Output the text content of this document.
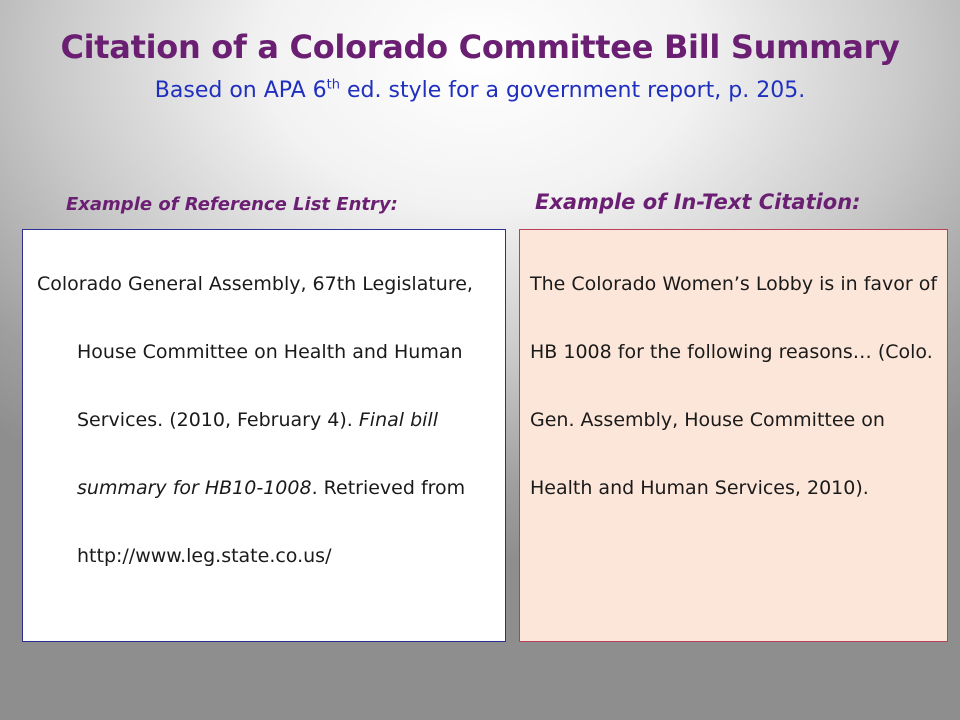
Citation of a Colorado Committee Bill Summary

Based on APA 6th ed. style for a government report, p. 205.

Example of Reference List Entry:	Example of In-Text Citation:

Colorado General Assembly, 67th Legislature, House Committee on Health and Human Services. (2010, February 4). Final bill summary for HB10-1008. Retrieved from http://www.leg.state.co.us/

The Colorado Women’s Lobby is in favor of HB 1008 for the following reasons… (Colo. Gen. Assembly, House Committee on Health and Human Services, 2010).
